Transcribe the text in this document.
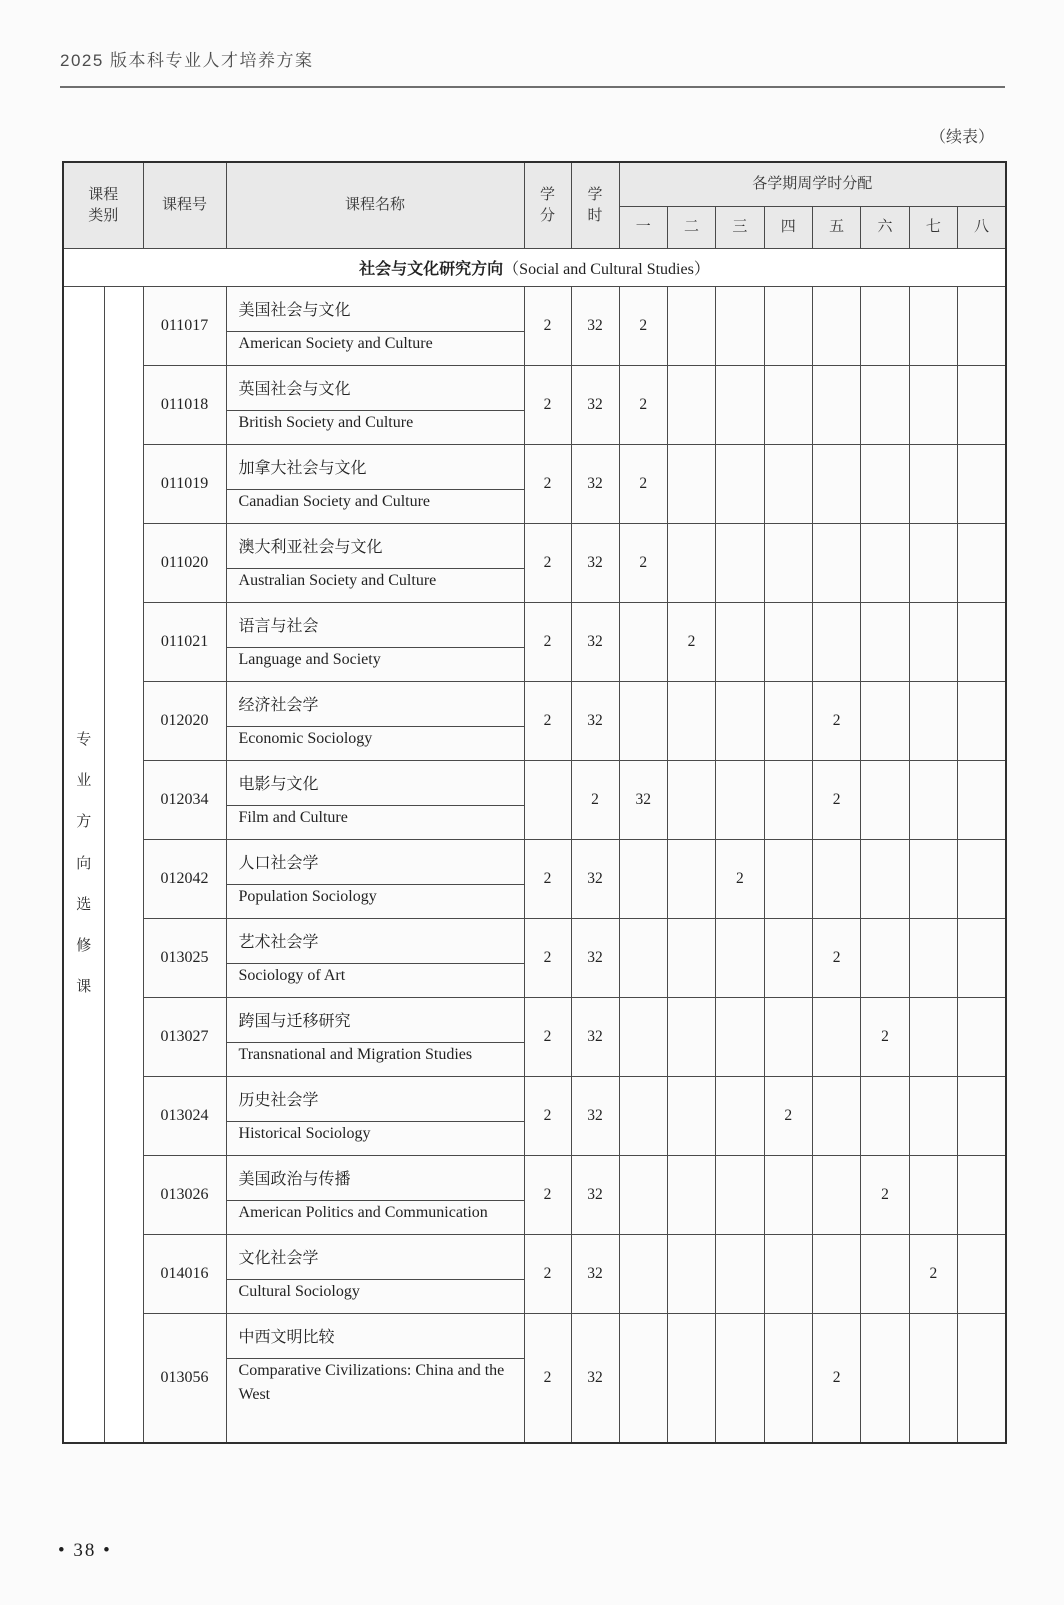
2025 版本科专业人才培养方案
（续表）
课程
类别
	课程号	课程名称	
学
分

学
时
	各学期周学时分配
						一	二	三	四	五	六	七	八
社会与文化研究方向（Social and Cultural Studies）													

专业方向选修课		011017	美国社会与文化
American Society and Culture	2	32	2							
		011018	英国社会与文化
British Society and Culture	2	32	2							
		011019	加拿大社会与文化
Canadian Society and Culture	2	32	2							
		011020	澳大利亚社会与文化
Australian Society and Culture	2	32	2							
		011021	语言与社会
Language and Society	2	32		2						
		012020	经济社会学
Economic Sociology	2	32					2			
		012034	电影与文化
Film and Culture		2	32				2			
		012042	人口社会学
Population Sociology	2	32			2					
		013025	艺术社会学
Sociology of Art	2	32					2			
		013027	跨国与迁移研究
Transnational and Migration Studies	2	32						2		
		013024	历史社会学
Historical Sociology	2	32				2				
		013026	美国政治与传播
American Politics and Communication	2	32						2		
		014016	文化社会学
Cultural Sociology	2	32							2	
		013056	中西文明比较
Comparative Civilizations: China and the West	2	32					2			
• 38 •
